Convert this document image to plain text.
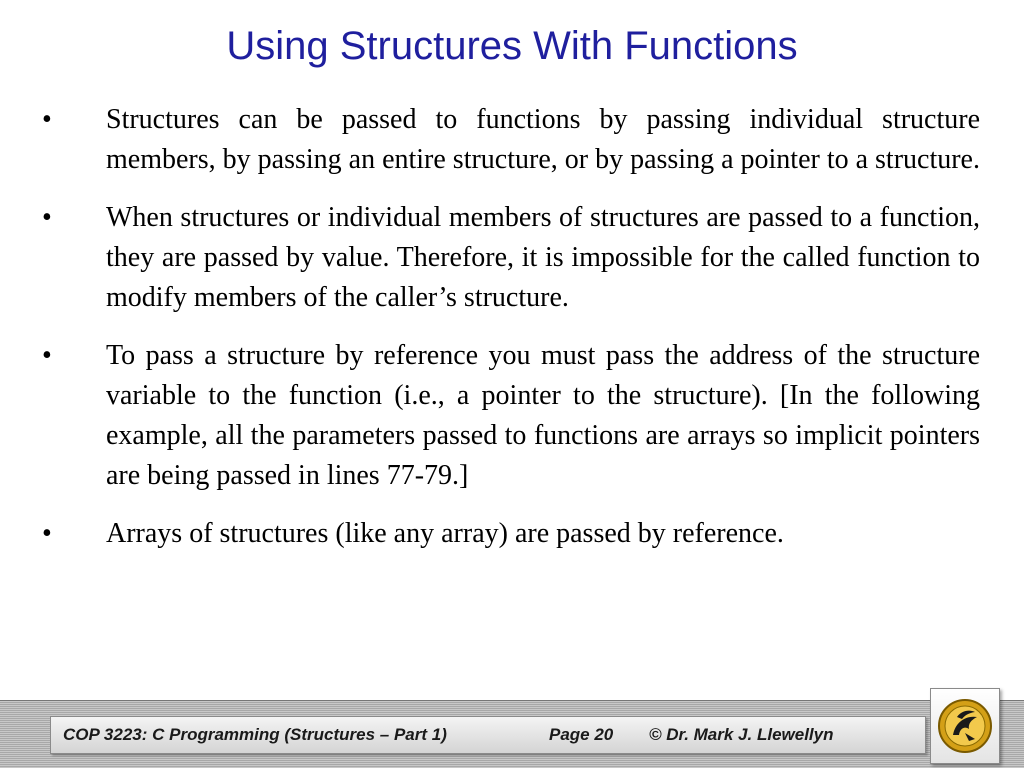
Using Structures With Functions
• Structures can be passed to functions by passing individual structure members, by passing an entire structure, or by passing a pointer to a structure.
• When structures or individual members of structures are passed to a function, they are passed by value. Therefore, it is impossible for the called function to modify members of the caller’s structure.
• To pass a structure by reference you must pass the address of the structure variable to the function (i.e., a pointer to the structure). [In the following example, all the parameters passed to functions are arrays so implicit pointers are being passed in lines 77-79.]
• Arrays of structures (like any array) are passed by reference.
COP 3223: C Programming (Structures – Part 1)	Page 20 © Dr. Mark J. Llewellyn
